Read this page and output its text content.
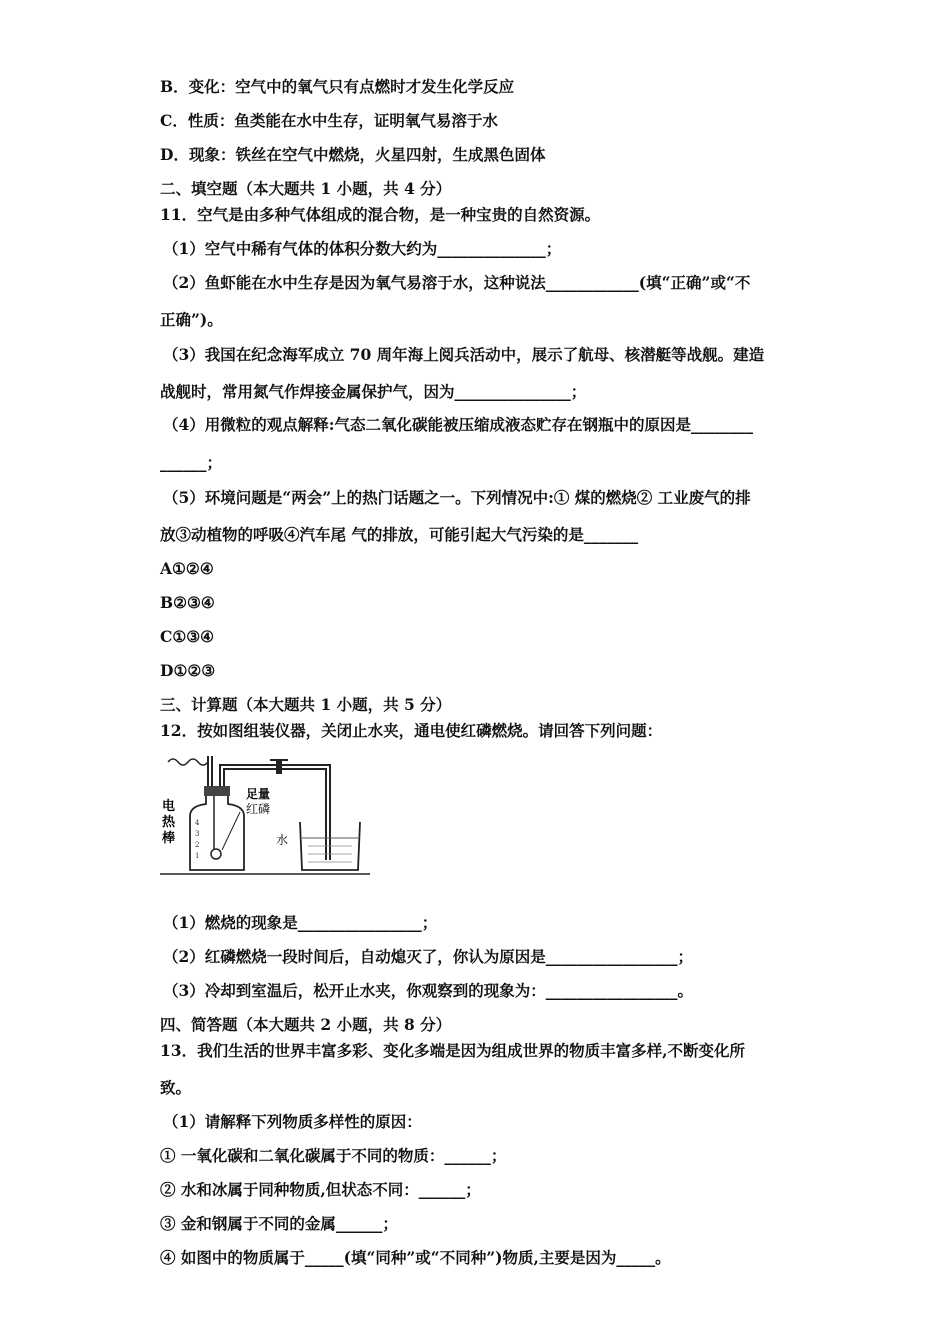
B．变化：空气中的氧气只有点燃时才发生化学反应
C．性质：鱼类能在水中生存，证明氧气易溶于水
D．现象：铁丝在空气中燃烧，火星四射，生成黑色固体
二、填空题（本大题共 1 小题，共 4 分）
11．空气是由多种气体组成的混合物，是一种宝贵的自然资源。
（1）空气中稀有气体的体积分数大约为______________；
（2）鱼虾能在水中生存是因为氧气易溶于水，这种说法____________(填“正确”或“不
正确”)。
（3）我国在纪念海军成立 70 周年海上阅兵活动中，展示了航母、核潜艇等战舰。建造
战舰时，常用氮气作焊接金属保护气，因为_______________；
（4）用微粒的观点解释:气态二氧化碳能被压缩成液态贮存在钢瓶中的原因是________
______；
（5）环境问题是“两会”上的热门话题之一。下列情况中:① 煤的燃烧② 工业废气的排
放③动植物的呼吸④汽车尾 气的排放，可能引起大气污染的是_______
A①②④
B②③④
C①③④
D①②③
三、计算题（本大题共 1 小题，共 5 分）
12．按如图组装仪器，关闭止水夹，通电使红磷燃烧。请回答下列问题：
4
3
2
1
足量
红磷
电
热
棒	水
（1）燃烧的现象是________________；
（2）红磷燃烧一段时间后，自动熄灭了，你认为原因是_________________；
（3）冷却到室温后，松开止水夹，你观察到的现象为：_________________。
四、简答题（本大题共 2 小题，共 8 分）
13．我们生活的世界丰富多彩、变化多端是因为组成世界的物质丰富多样,不断变化所
致。
（1）请解释下列物质多样性的原因：
① 一氧化碳和二氧化碳属于不同的物质：______；
② 水和冰属于同种物质,但状态不同：______；
③ 金和钢属于不同的金属______；
④ 如图中的物质属于_____(填“同种”或“不同种”)物质,主要是因为_____。
